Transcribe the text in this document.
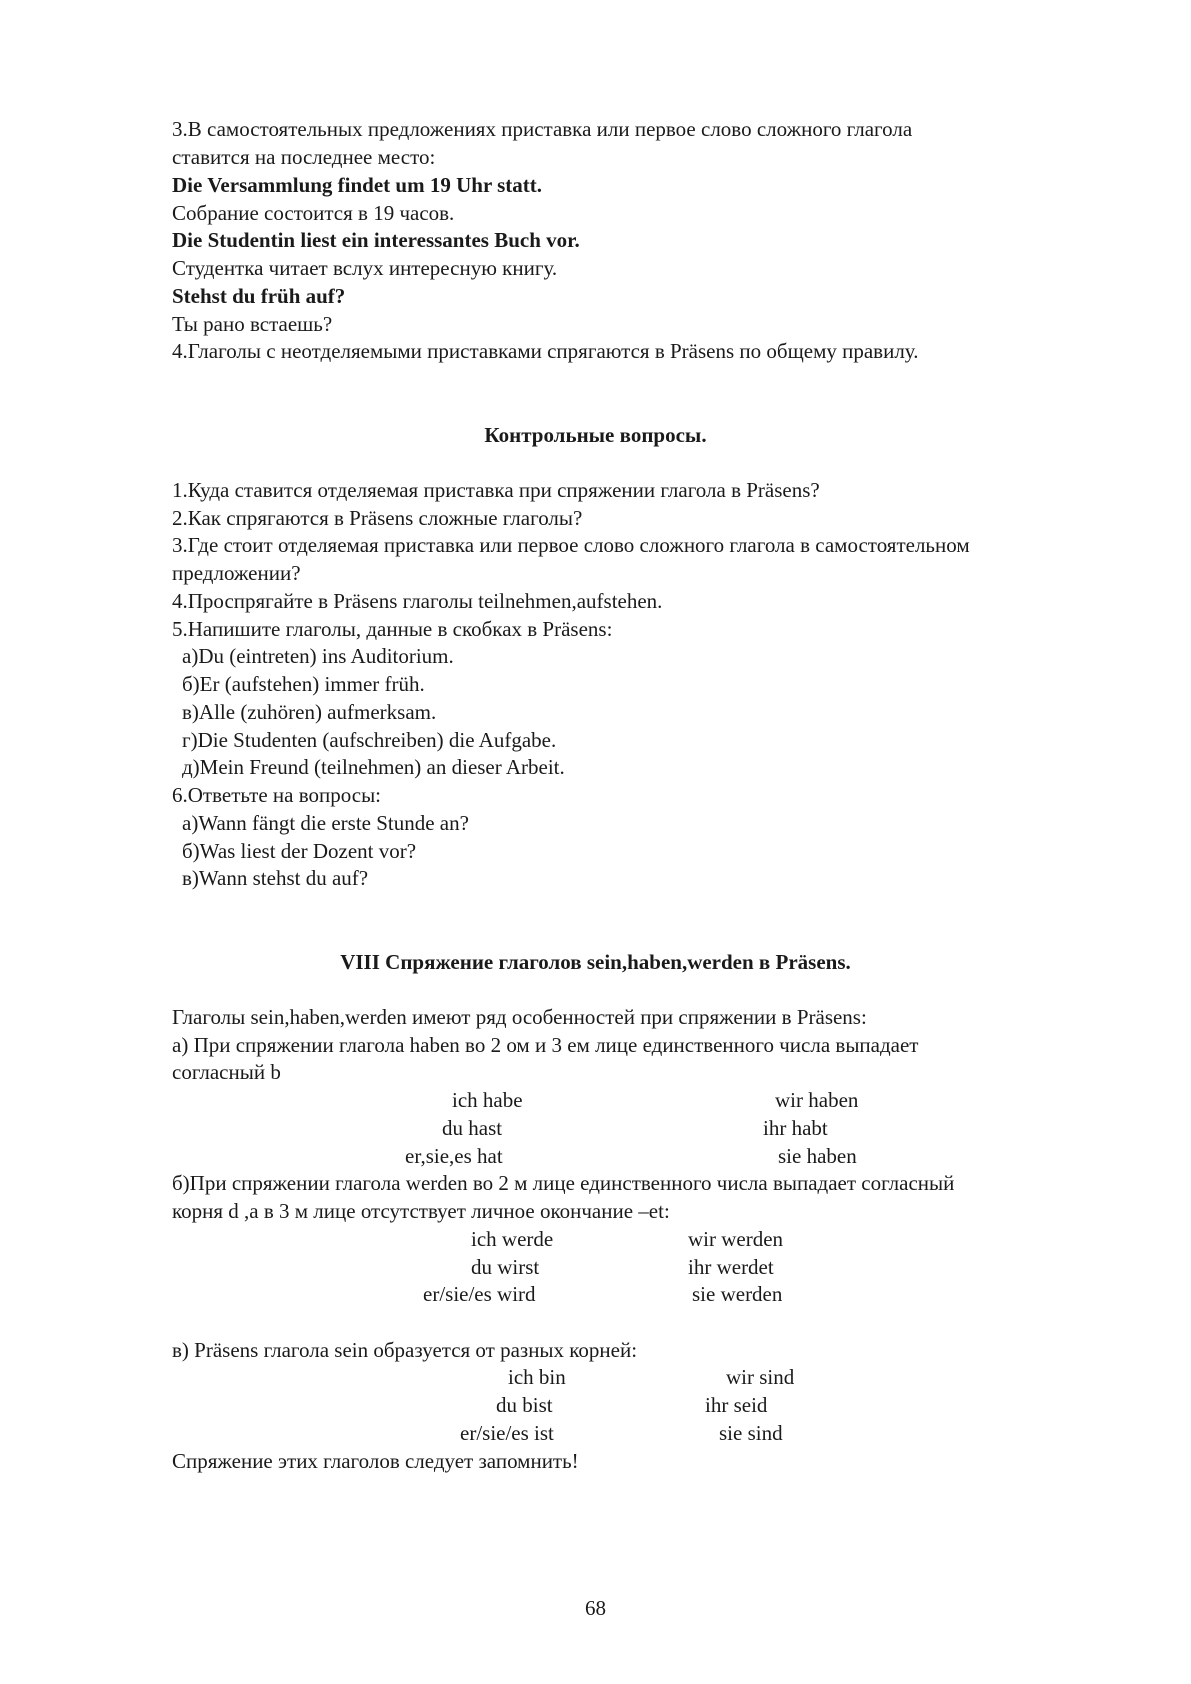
3.В самостоятельных предложениях приставка или первое слово сложного глагола
ставится на последнее место:
Die Versammlung findet um 19 Uhr statt.
Собрание состоится в 19 часов.
Die Studentin liest ein interessantes Buch vor.
Студентка читает вслух интересную книгу.
Stehst du früh auf?
Ты рано встаешь?
4.Глаголы с неотделяемыми приставками спрягаются в Präsens по общему правилу.
Контрольные вопросы.
1.Куда ставится отделяемая приставка при спряжении глагола в Präsens?
2.Как спрягаются в Präsens сложные глаголы?
3.Где стоит отделяемая приставка или первое слово сложного глагола в самостоятельном
предложении?
4.Проспрягайте в Präsens глаголы teilnehmen,aufstehen.
5.Напишите глаголы, данные в скобках в Präsens:
а)Du (eintreten) ins Auditorium.
б)Er (aufstehen) immer früh.
в)Alle (zuhören) aufmerksam.
г)Die Studenten (aufschreiben) die Aufgabe.
д)Mein Freund (teilnehmen) an dieser Arbeit.
6.Ответьте на вопросы:
а)Wann fängt die erste Stunde an?
б)Was liest der Dozent vor?
в)Wann stehst du auf?
VIII Спряжение глаголов sein,haben,werden в Präsens.
Глаголы sein,haben,werden имеют ряд особенностей при спряжении в Präsens:
а) При спряжении глагола haben во 2 ом и 3 ем лице единственного числа выпадает
согласный b
ich habe
du hast
er,sie,es hat
wir haben
ihr habt
sie haben
б)При спряжении глагола werden во 2 м лице единственного числа выпадает согласный
корня d ,а в 3 м лице отсутствует личное окончание –et:
ich werde
du wirst
er/sie/es wird
wir werden
ihr werdet
sie werden
в) Präsens глагола sein образуется от разных корней:
ich bin
du bist
er/sie/es ist
wir sind
ihr seid
sie sind
Спряжение этих глаголов следует запомнить!
68
